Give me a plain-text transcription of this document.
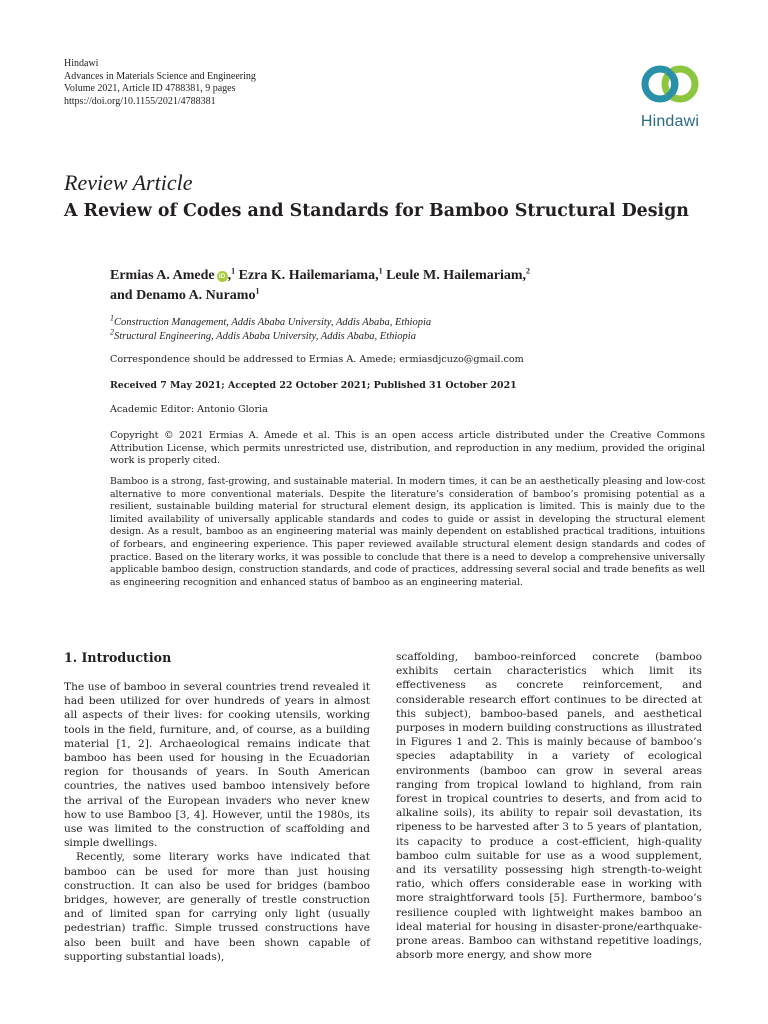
Hindawi
Advances in Materials Science and Engineering
Volume 2021, Article ID 4788381, 9 pages
https://doi.org/10.1155/2021/4788381
Hindawi
Review Article
A Review of Codes and Standards for Bamboo Structural Design
Ermias A. Amede iD ,$^1$ Ezra K. Hailemariama,$^1$ Leule M. Hailemariam,$^2$
and Denamo A. Nuramo$^1$
$^1$Construction Management, Addis Ababa University, Addis Ababa, Ethiopia
$^2$Structural Engineering, Addis Ababa University, Addis Ababa, Ethiopia
Correspondence should be addressed to Ermias A. Amede; ermiasdjcuzo@gmail.com
Received 7 May 2021; Accepted 22 October 2021; Published 31 October 2021
Academic Editor: Antonio Gloria
Copyright © 2021 Ermias A. Amede et al. This is an open access article distributed under the Creative Commons Attribution License, which permits unrestricted use, distribution, and reproduction in any medium, provided the original work is properly cited.
Bamboo is a strong, fast-growing, and sustainable material. In modern times, it can be an aesthetically pleasing and low-cost alternative to more conventional materials. Despite the literature’s consideration of bamboo’s promising potential as a resilient, sustainable building material for structural element design, its application is limited. This is mainly due to the limited availability of universally applicable standards and codes to guide or assist in developing the structural element design. As a result, bamboo as an engineering material was mainly dependent on established practical traditions, intuitions of forbears, and engineering experience. This paper reviewed available structural element design standards and codes of practice. Based on the literary works, it was possible to conclude that there is a need to develop a comprehensive universally applicable bamboo design, construction standards, and code of practices, addressing several social and trade benefits as well as engineering recognition and enhanced status of bamboo as an engineering material.
1. Introduction

The use of bamboo in several countries trend revealed it had been utilized for over hundreds of years in almost all aspects of their lives: for cooking utensils, working tools in the field, furniture, and, of course, as a building material [1, 2]. Archaeological remains indicate that bamboo has been used for housing in the Ecuadorian region for thousands of years. In South American countries, the natives used bamboo intensively before the arrival of the European invaders who never knew how to use Bamboo [3, 4]. However, until the 1980s, its use was limited to the construction of scaffolding and simple dwellings.

Recently, some literary works have indicated that bamboo can be used for more than just housing construction. It can also be used for bridges (bamboo bridges, however, are generally of trestle construction and of limited span for carrying only light (usually pedestrian) traffic. Simple trussed constructions have also been built and have been shown capable of supporting substantial loads),

scaffolding, bamboo-reinforced concrete (bamboo exhibits certain characteristics which limit its effectiveness as concrete reinforcement, and considerable research effort continues to be directed at this subject), bamboo-based panels, and aesthetical purposes in modern building constructions as illustrated in Figures 1 and 2. This is mainly because of bamboo’s species adaptability in a variety of ecological environments (bamboo can grow in several areas ranging from tropical lowland to highland, from rain forest in tropical countries to deserts, and from acid to alkaline soils), its ability to repair soil devastation, its ripeness to be harvested after 3 to 5 years of plantation, its capacity to produce a cost-efficient, high-quality bamboo culm suitable for use as a wood supplement, and its versatility possessing high strength-to-weight ratio, which offers considerable ease in working with more straightforward tools [5]. Furthermore, bamboo’s resilience coupled with lightweight makes bamboo an ideal material for housing in disaster-prone/earthquake-prone areas. Bamboo can withstand repetitive loadings, absorb more energy, and show more
